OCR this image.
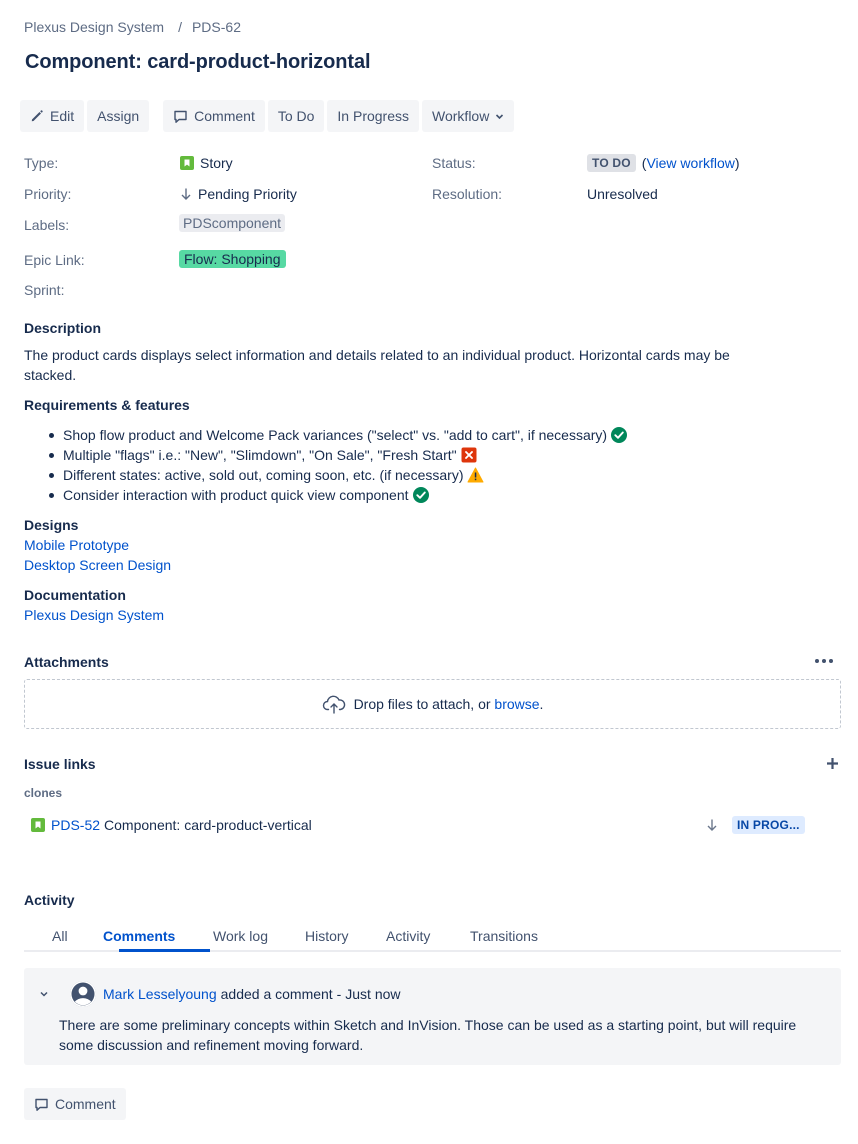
Plexus Design System / PDS-62
Component: card-product-horizontal
Edit Assign	Comment To Do In Progress Workflow
Type:	Story	Status:	TO DO (View workflow)
Priority:	Pending Priority	Resolution:	Unresolved
Labels:	PDScomponent
Epic Link:	Flow: Shopping
Sprint:
Description
The product cards displays select information and details related to an individual product. Horizontal cards may be stacked.
Requirements & features
Shop flow product and Welcome Pack variances ("select" vs. "add to cart", if necessary)
Multiple "flags" i.e.: "New", "Slimdown", "On Sale", "Fresh Start"
Different states: active, sold out, coming soon, etc. (if necessary)
Consider interaction with product quick view component
Designs
Mobile Prototype
Desktop Screen Design
Documentation
Plexus Design System
Attachments
Drop files to attach, or browse.
Issue links
clones
PDS-52 Component: card-product-vertical	IN PROG...
Activity
All	Comments	Work log	History	Activity	Transitions
Mark Lesselyoung added a comment - Just now
There are some preliminary concepts within Sketch and InVision. Those can be used as a starting point, but will require some discussion and refinement moving forward.
Comment
